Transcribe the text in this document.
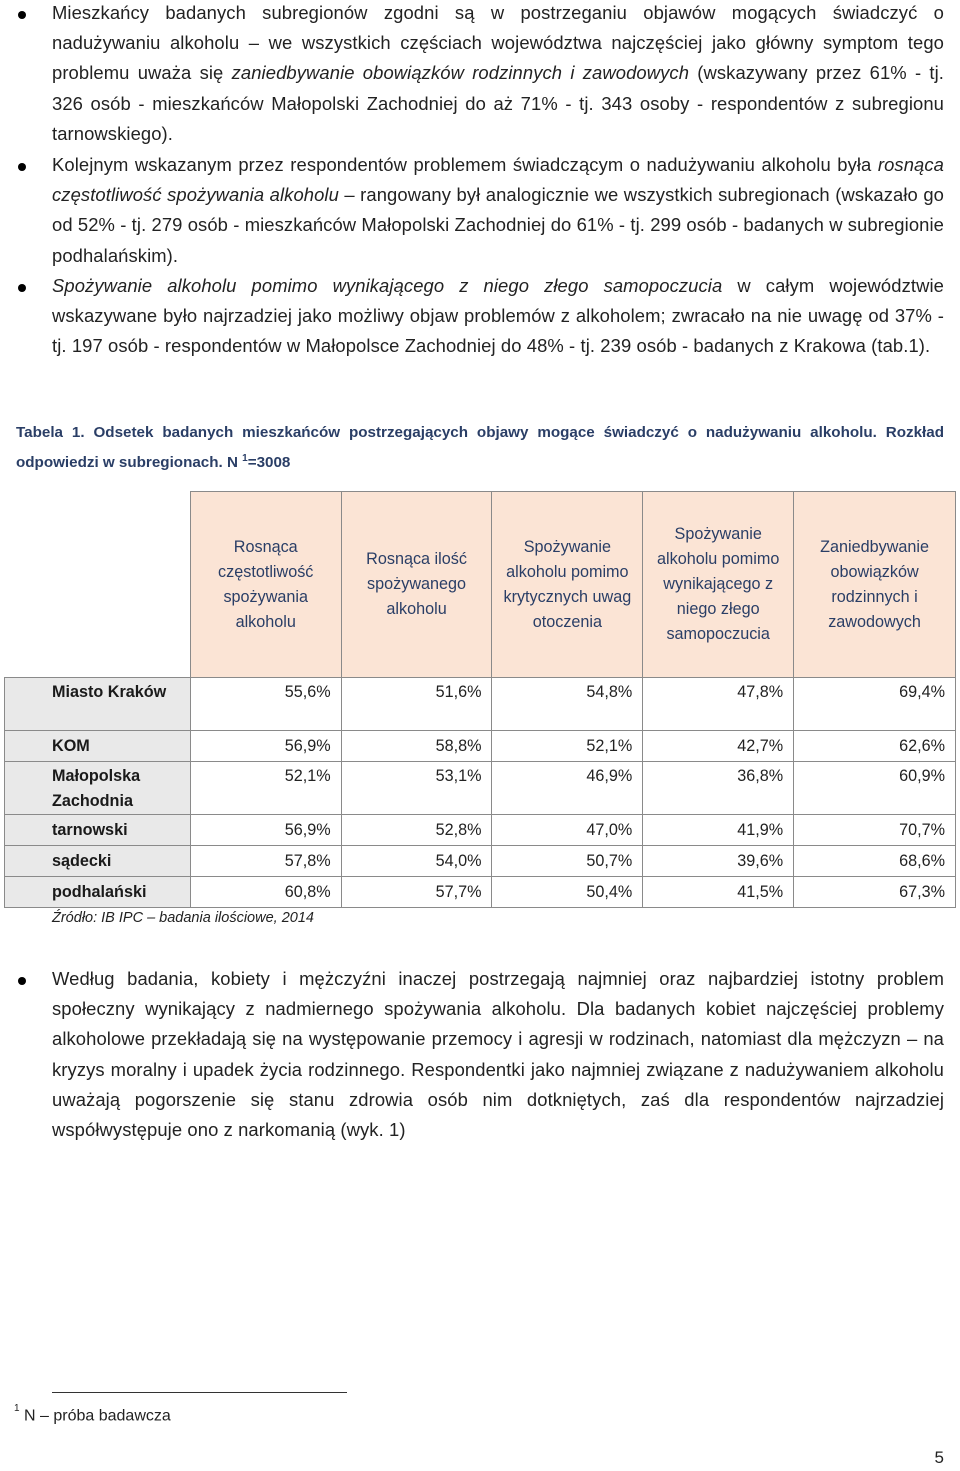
Mieszkańcy badanych subregionów zgodni są w postrzeganiu objawów mogących świadczyć o nadużywaniu alkoholu – we wszystkich częściach województwa najczęściej jako główny symptom tego problemu uważa się zaniedbywanie obowiązków rodzinnych i zawodowych (wskazywany przez 61% - tj. 326 osób - mieszkańców Małopolski Zachodniej do aż 71% - tj. 343 osoby - respondentów z subregionu tarnowskiego).
Kolejnym wskazanym przez respondentów problemem świadczącym o nadużywaniu alkoholu była rosnąca częstotliwość spożywania alkoholu – rangowany był analogicznie we wszystkich subregionach (wskazało go od 52% - tj. 279 osób - mieszkańców Małopolski Zachodniej do 61% - tj. 299 osób - badanych w subregionie podhalańskim).
Spożywanie alkoholu pomimo wynikającego z niego złego samopoczucia w całym województwie wskazywane było najrzadziej jako możliwy objaw problemów z alkoholem; zwracało na nie uwagę od 37% - tj. 197 osób - respondentów w Małopolsce Zachodniej do 48% - tj. 239 osób - badanych z Krakowa (tab.1).
Tabela 1. Odsetek badanych mieszkańców postrzegających objawy mogące świadczyć o nadużywaniu alkoholu. Rozkład odpowiedzi w subregionach. N $^1$=3008
	Rosnąca częstotliwość spożywania alkoholu	Rosnąca ilość spożywanego alkoholu	Spożywanie alkoholu pomimo krytycznych uwag otoczenia	Spożywanie alkoholu pomimo wynikającego z niego złego samopoczucia	Zaniedbywanie obowiązków rodzinnych i zawodowych
Miasto Kraków	55,6%	51,6%	54,8%	47,8%	69,4%
KOM	56,9%	58,8%	52,1%	42,7%	62,6%
Małopolska Zachodnia	52,1%	53,1%	46,9%	36,8%	60,9%
tarnowski	56,9%	52,8%	47,0%	41,9%	70,7%
sądecki	57,8%	54,0%	50,7%	39,6%	68,6%
podhalański	60,8%	57,7%	50,4%	41,5%	67,3%
Źródło: IB IPC – badania ilościowe, 2014
Według badania, kobiety i mężczyźni inaczej postrzegają najmniej oraz najbardziej istotny problem społeczny wynikający z nadmiernego spożywania alkoholu. Dla badanych kobiet najczęściej problemy alkoholowe przekładają się na występowanie przemocy i agresji w rodzinach, natomiast dla mężczyzn – na kryzys moralny i upadek życia rodzinnego. Respondentki jako najmniej związane z nadużywaniem alkoholu uważają pogorszenie się stanu zdrowia osób nim dotkniętych, zaś dla respondentów najrzadziej współwystępuje ono z narkomanią (wyk. 1)
$^1$ N – próba badawcza
5
